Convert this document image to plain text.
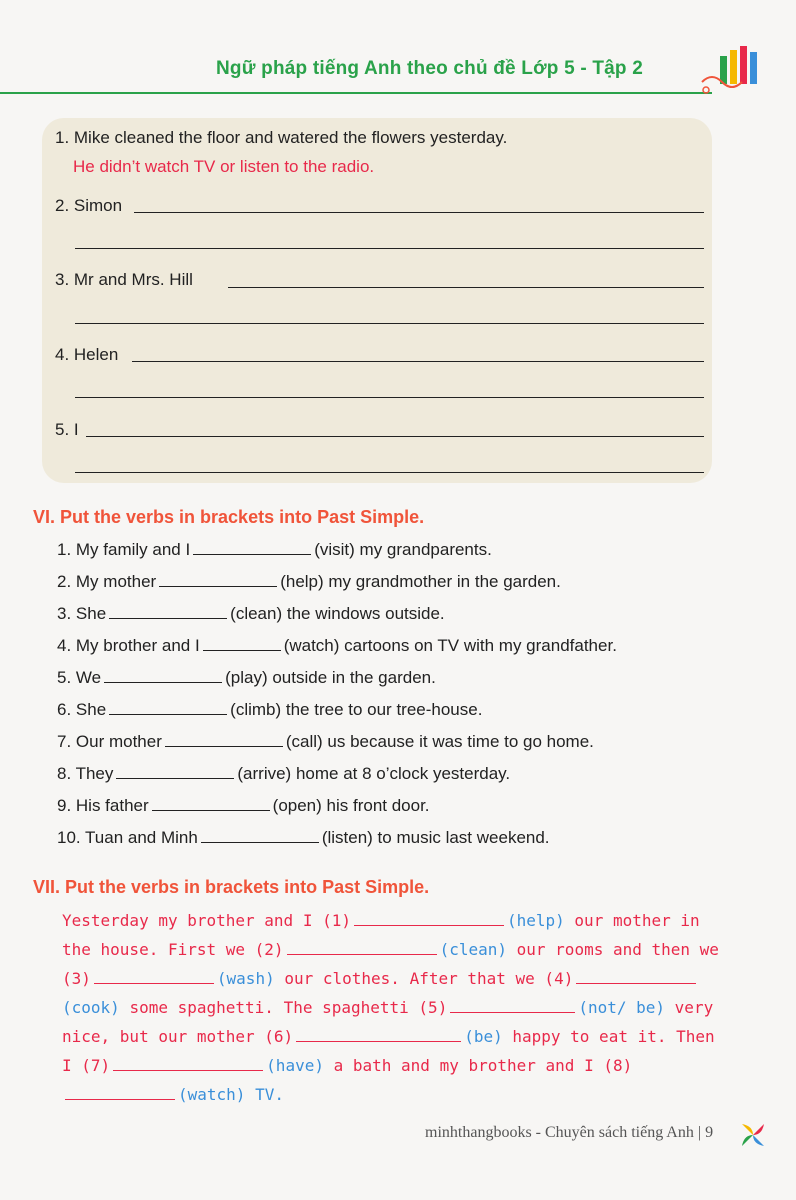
Ngữ pháp tiếng Anh theo chủ đề Lớp 5 - Tập 2
1. Mike cleaned the floor and watered the flowers yesterday.
He didn’t watch TV or listen to the radio.
2. Simon
3. Mr and Mrs. Hill
4. Helen
5. I
VI. Put the verbs in brackets into Past Simple.
1. My family and I	(visit) my grandparents.
2. My mother	(help) my grandmother in the garden.
3. She	(clean) the windows outside.
4. My brother and I	(watch) cartoons on TV with my grandfather.
5. We	(play) outside in the garden.
6. She	(climb) the tree to our tree-house.
7. Our mother	(call) us because it was time to go home.
8. They	(arrive) home at 8 o’clock yesterday.
9. His father	(open) his front door.
10. Tuan and Minh	(listen) to music last weekend.
VII. Put the verbs in brackets into Past Simple.
Yesterday my brother and I (1)	(help) our mother in the house. First we (2)	(clean) our rooms and then we (3)	(wash) our clothes. After that we (4)(cook) some spaghetti. The spaghetti (5)	(not/ be) very nice, but our mother (6)	(be) happy to eat it. Then I (7)	(have) a bath and my brother and I (8)(watch) TV.
minhthangbooks - Chuyên sách tiếng Anh | 9
